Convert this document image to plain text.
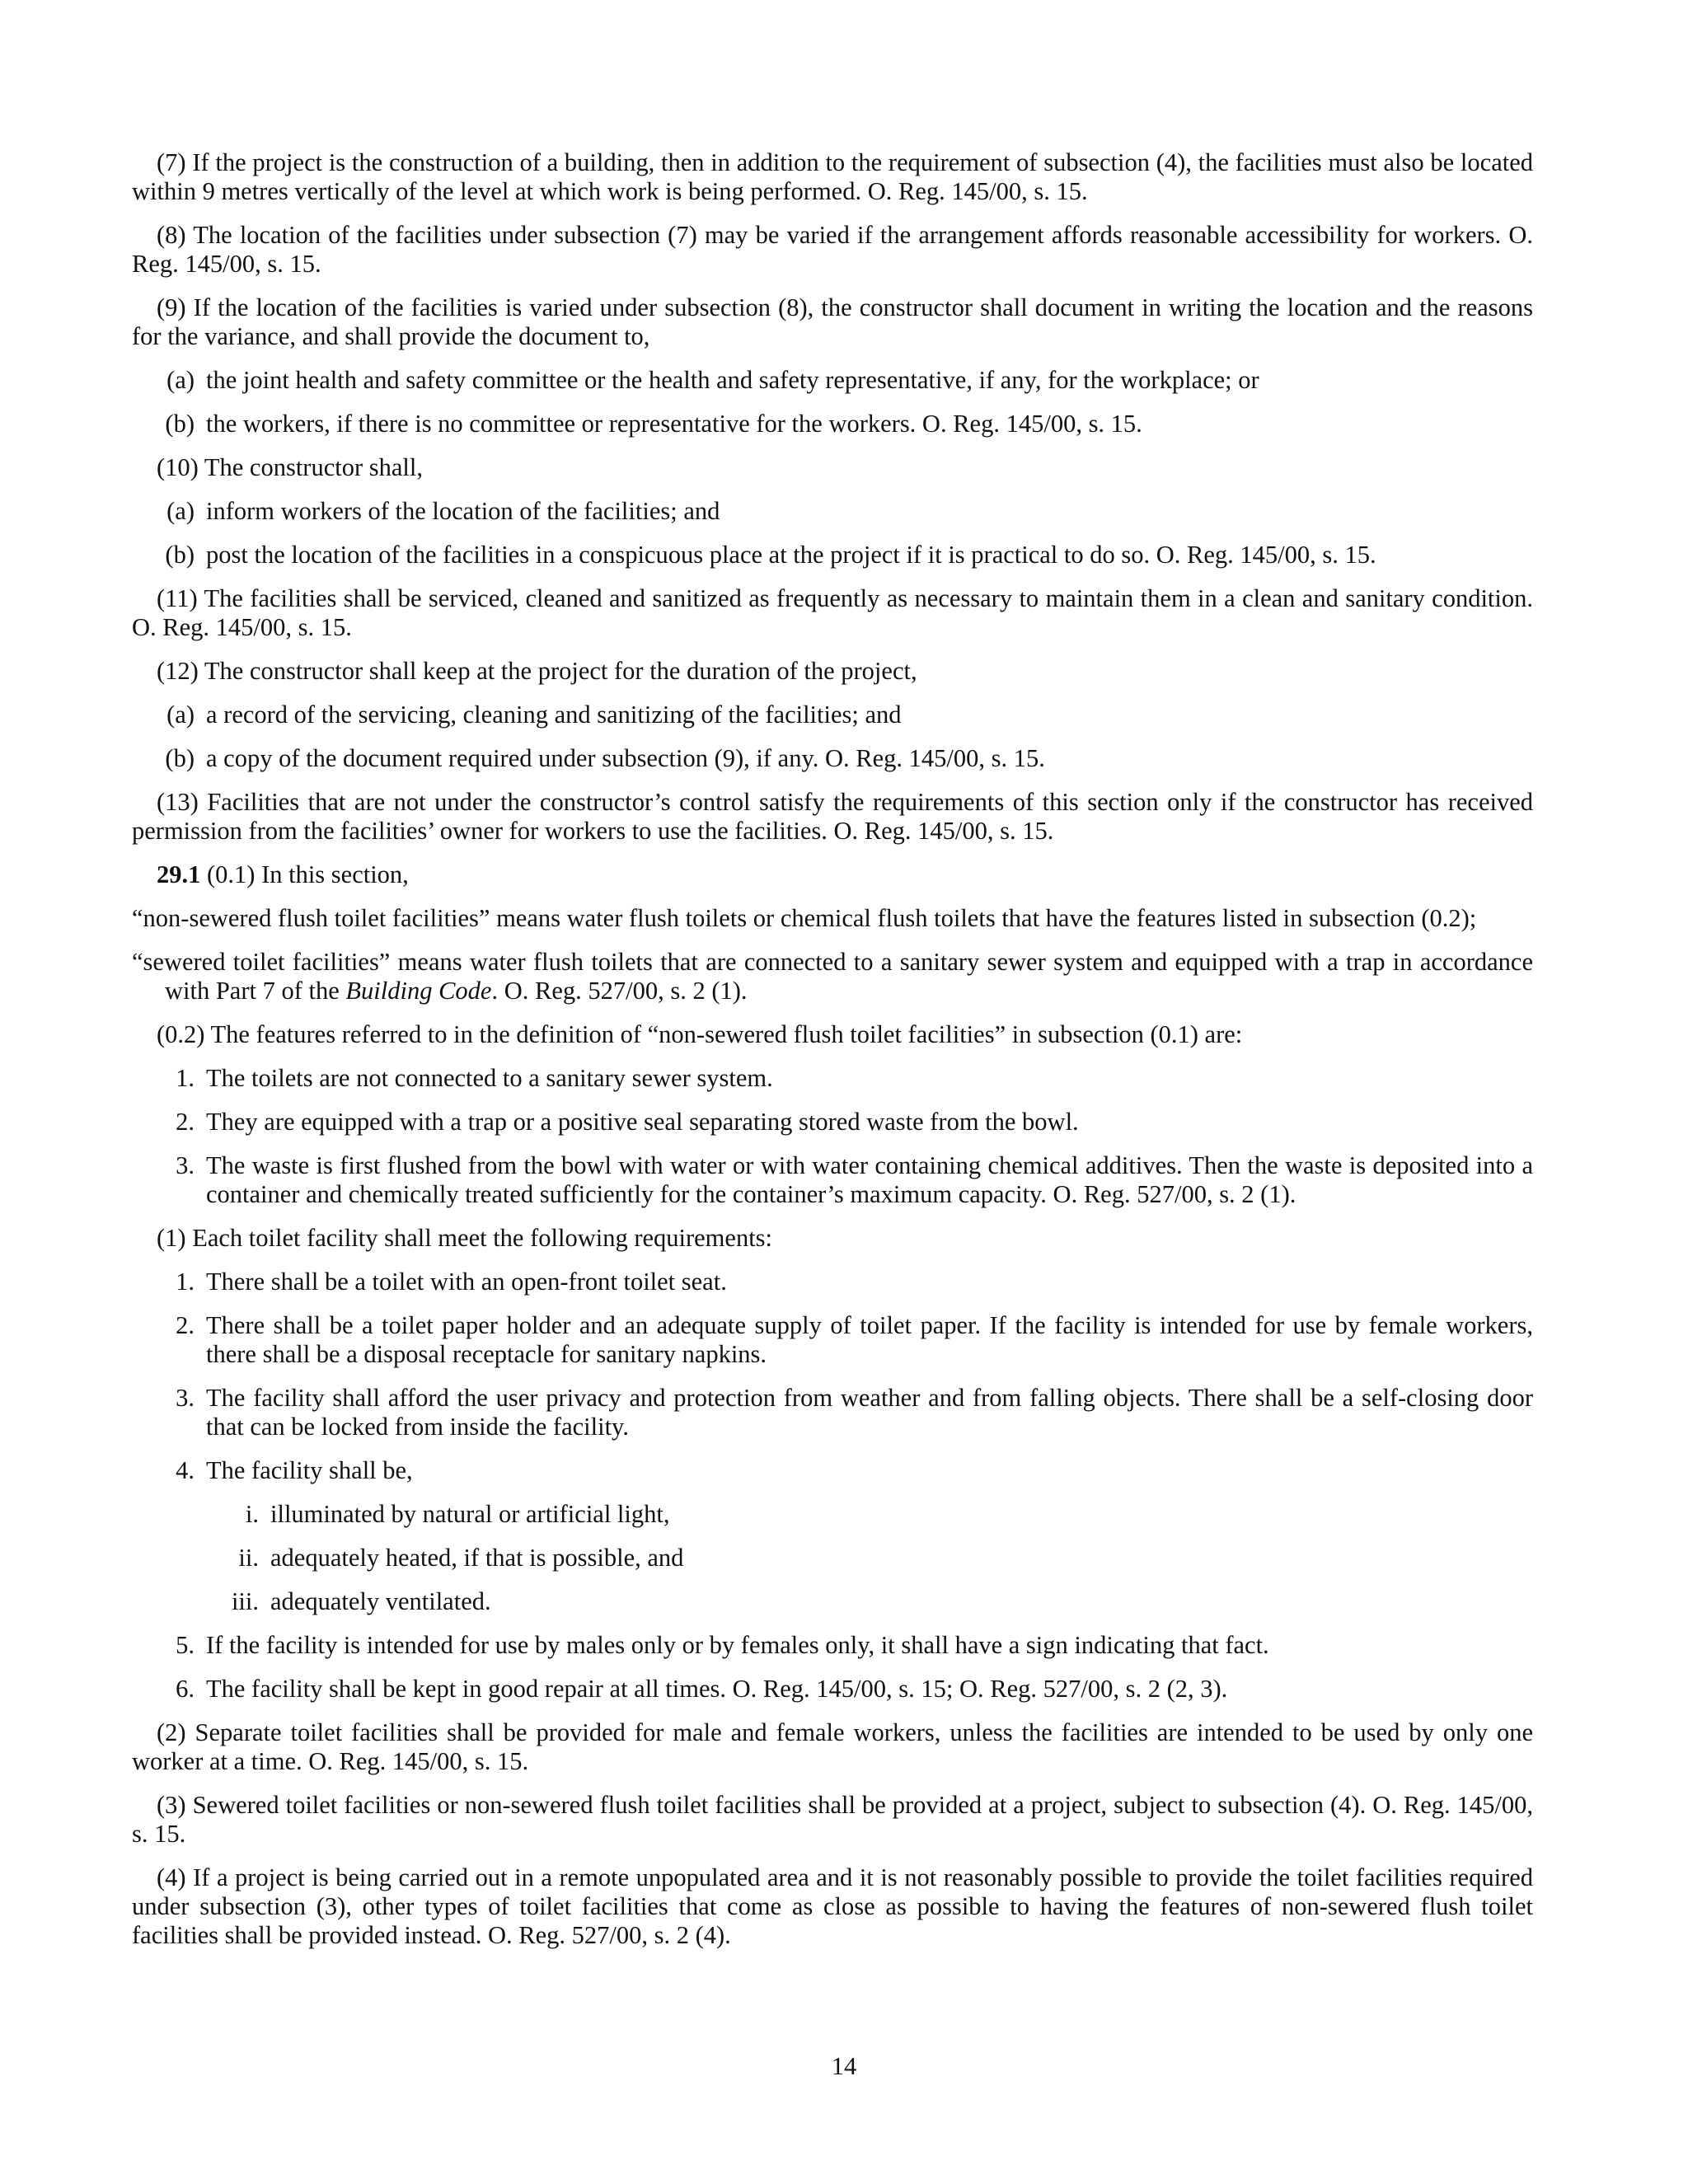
(7) If the project is the construction of a building, then in addition to the requirement of subsection (4), the facilities must also be located within 9 metres vertically of the level at which work is being performed. O. Reg. 145/00, s. 15.

(8) The location of the facilities under subsection (7) may be varied if the arrangement affords reasonable accessibility for workers. O. Reg. 145/00, s. 15.

(9) If the location of the facilities is varied under subsection (8), the constructor shall document in writing the location and the reasons for the variance, and shall provide the document to,

(a) the joint health and safety committee or the health and safety representative, if any, for the workplace; or
(b) the workers, if there is no committee or representative for the workers. O. Reg. 145/00, s. 15.

(10) The constructor shall,

(a) inform workers of the location of the facilities; and
(b) post the location of the facilities in a conspicuous place at the project if it is practical to do so. O. Reg. 145/00, s. 15.

(11) The facilities shall be serviced, cleaned and sanitized as frequently as necessary to maintain them in a clean and sanitary condition. O. Reg. 145/00, s. 15.

(12) The constructor shall keep at the project for the duration of the project,

(a) a record of the servicing, cleaning and sanitizing of the facilities; and
(b) a copy of the document required under subsection (9), if any. O. Reg. 145/00, s. 15.

(13) Facilities that are not under the constructor’s control satisfy the requirements of this section only if the constructor has received permission from the facilities’ owner for workers to use the facilities. O. Reg. 145/00, s. 15.

29.1 (0.1) In this section,

“non-sewered flush toilet facilities” means water flush toilets or chemical flush toilets that have the features listed in subsection (0.2);

“sewered toilet facilities” means water flush toilets that are connected to a sanitary sewer system and equipped with a trap in accordance with Part 7 of the Building Code. O. Reg. 527/00, s. 2 (1).

(0.2) The features referred to in the definition of “non-sewered flush toilet facilities” in subsection (0.1) are:

1. The toilets are not connected to a sanitary sewer system.
2. They are equipped with a trap or a positive seal separating stored waste from the bowl.
3. The waste is first flushed from the bowl with water or with water containing chemical additives. Then the waste is deposited into a container and chemically treated sufficiently for the container’s maximum capacity. O. Reg. 527/00, s. 2 (1).

(1) Each toilet facility shall meet the following requirements:

1. There shall be a toilet with an open-front toilet seat.
2. There shall be a toilet paper holder and an adequate supply of toilet paper. If the facility is intended for use by female workers, there shall be a disposal receptacle for sanitary napkins.
3. The facility shall afford the user privacy and protection from weather and from falling objects. There shall be a self-closing door that can be locked from inside the facility.
4. The facility shall be,
i. illuminated by natural or artificial light,
ii. adequately heated, if that is possible, and
iii. adequately ventilated.
5. If the facility is intended for use by males only or by females only, it shall have a sign indicating that fact.
6. The facility shall be kept in good repair at all times. O. Reg. 145/00, s. 15; O. Reg. 527/00, s. 2 (2, 3).

(2) Separate toilet facilities shall be provided for male and female workers, unless the facilities are intended to be used by only one worker at a time. O. Reg. 145/00, s. 15.

(3) Sewered toilet facilities or non-sewered flush toilet facilities shall be provided at a project, subject to subsection (4). O. Reg. 145/00, s. 15.

(4) If a project is being carried out in a remote unpopulated area and it is not reasonably possible to provide the toilet facilities required under subsection (3), other types of toilet facilities that come as close as possible to having the features of non-sewered flush toilet facilities shall be provided instead. O. Reg. 527/00, s. 2 (4).

14
